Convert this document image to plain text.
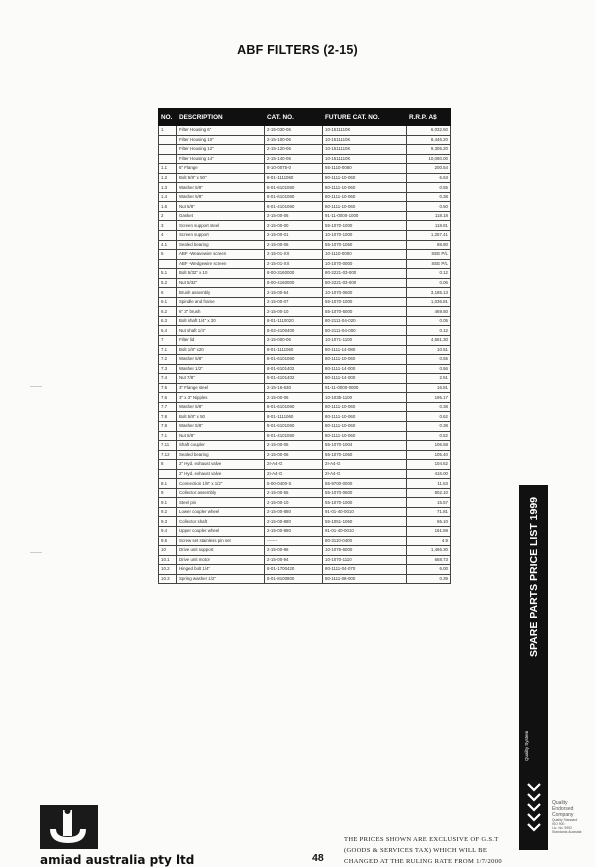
ABF FILTERS (2-15)
NO.	DESCRIPTION	CAT. NO.	FUTURE CAT. NO.	R.R.P. A$
1	Filter Housing 6"	2-15-030-06	10-1511110K	6,032.50
	Filter Housing 10"	2-15-100-06	10-1511110K	8,446.20
	Filter Housing 12"	2-15-120-06	10-1511110K	9,305.20
	Filter Housing 14"	2-15-140-06	10-1511110K	10,080.00
1.1	6" Flange	8-10-0075-0	55-1110-0060	200.54
1.2	Bolt 5/8" x 50"	8-01-1111060	80-1111-10-060	6.63
1.3	Washer 5/8"	8-01-6101060	80-1111-10-060	0.55
1.4	Washer 5/8"	8-01-6101060	80-1111-10-060	0.38
1.5	Nut 5/8"	8-01-4101060	80-1111-10-060	0.50
2	Gasket	2-15-00-06	91-11-0000-1000	118.18
3	Screen support steel	2-15-00-00	55-1070-1000	118.81
4	Screen support	2-15-00-01	10-1070-1000	1,257.41
4.1	Sealed bearing	2-15-00-06	55-1070-1060	88.80
5	ABF -Weavewire screen	2-15-01-XX	10-1110-0000	SEE P/L
	ABF -Wedgewire screen	2-15-01-XX	10-1070-0000	SEE P/L
5.1	Bolt 5/32" x 10	8-00-3160000	80-2221-03-000	0.12
5.2	Nut 5/32"	8-00-4160000	80-2221-03-000	0.06
6	Brush assembly	2-15-00-64	10-1070-0600	3,185.13
6.1	Spindle and frame	2-15-00-07	55-1070-1000	1,036.81
6.2	6" 3" brush	2-15-00-10	55-1070-6000	469.50
6.3	Bolt shaft 1/4" x 20	8-01-1110020	80-2111-04-020	0.05
6.4	Nut shaft 1/4"	8-02-4100400	80-2111-04-000	0.12
7	Filter lid	2-15-000-06	10-1071-1100	4,561.30
7.1	Bolt 1/8" x20	8-01-1111060	80-1111-14-080	10.51
7.2	Washer 5/8"	8-01-6101060	80-1111-10-060	0.55
7.3	Washer 1/2"	8-01-6101402	80-1111-14-000	0.56
7.4	Nut 7/8"	8-01-4101402	80-1111-14-000	2.51
7.5	3" Flange steel	2-15-16-630	91-11-0000-0000	16.81
7.6	3" x 3" Nipples	2-15-00-05	10-1035-1100	195.17
7.7	Washer 5/8"	8-01-6101060	80-1111-10-060	0.38
7.8	Bolt 5/8" x 50	8-01-1111060	80-1111-10-060	0.62
7.9	Washer 5/8"	8-01-6101060	80-1111-10-060	0.38
7.1	Nut 5/8"	8-01-4101060	80-1111-10-060	0.52
7.11	Shaft coupler	2-15-00-05	55-1070-1004	106.58
7.12	Sealed bearing	2-15-00-06	55-1070-1060	105.40
8	2" Hyd. exhaust valve	2I-A4-G	2I-A4-G	104.62
	2" Hyd. exhaust valve	2I-A4-G	2I-A4-G	416.00
8.1	Connection 1/8" x 1/2"	5-00-0400-S	55-9700-0000	11.53
9	Collector assembly	2-15-00-55	55-1070-0600	802.10
9.1	Steel pin	2-15-00-10	55-1070-1000	15.57
9.2	Lower coupler wheel	2-15-00-880	91-01-40-0010	71.81
9.3	Collector shaft	2-15-00-880	55-1051-1060	65.10
9.4	Upper coupler wheel	2-15-00-880	91-01-40-0010	161.59
9.5	Screw set stainless pin set	-------	80-3110-0400	4.9
10	Drive unit support	2-15-00-96	10-1076-6000	1,466.30
10.1	Drive unit motor	2-15-00-94	10-1070-1110	668.73
10.2	Hinged bolt 1/4"	8-01-1700420	80-1111-04-070	6.00
10.3	Spring washer 1/2"	8-01-8100800	80-1111-08-000	0.39	SPARE PARTS PRICE LIST 1999
Quality System
Quality
Endorsed
Company
Quality Standard
ISO 900
Lic. No. 9992
Standards Australia
amiad australia pty ltd	48
THE PRICES SHOWN ARE EXCLUSIVE OF G.S.T (GOODS & SERVICES TAX) WHICH WILL BE CHANGED AT THE RULING RATE FROM 1/7/2000
